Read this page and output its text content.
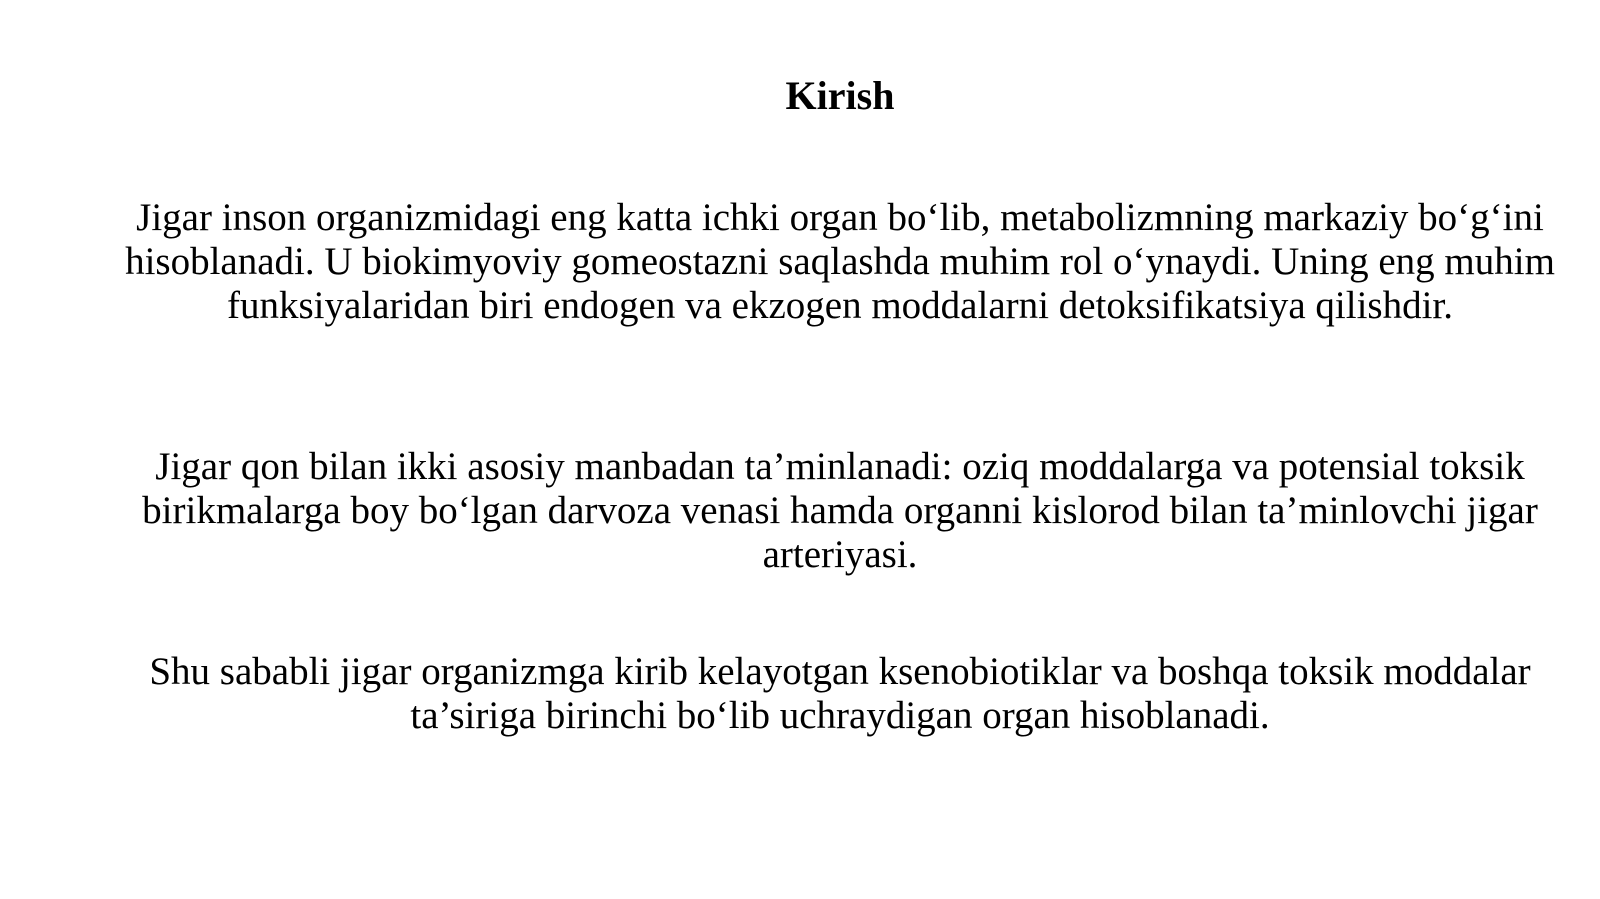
Kirish

Jigar inson organizmidagi eng katta ichki organ bo‘lib, metabolizmning markaziy bo‘g‘ini hisoblanadi. U biokimyoviy gomeostazni saqlashda muhim rol o‘ynaydi. Uning eng muhim funksiyalaridan biri endogen va ekzogen moddalarni detoksifikatsiya qilishdir.

Jigar qon bilan ikki asosiy manbadan ta’minlanadi: oziq moddalarga va potensial toksik birikmalarga boy bo‘lgan darvoza venasi hamda organni kislorod bilan ta’minlovchi jigar arteriyasi.

Shu sababli jigar organizmga kirib kelayotgan ksenobiotiklar va boshqa toksik moddalar ta’siriga birinchi bo‘lib uchraydigan organ hisoblanadi.
